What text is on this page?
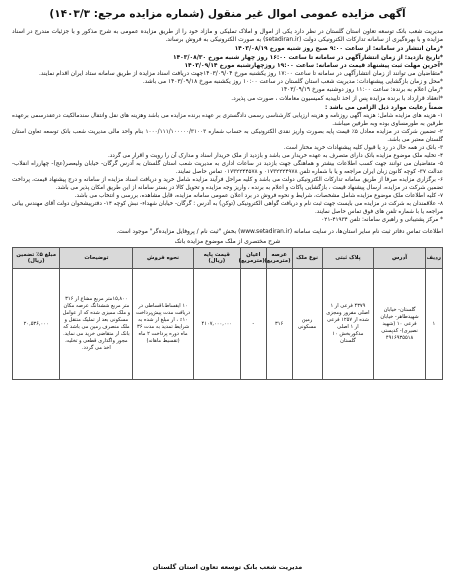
آگهی مزایده عمومی اموال غیر منقول (شماره مزایده مرجع: ۱۴۰۳/۳)

مدیریت شعب بانک توسعه تعاون استان گلستان در نظر دارد یکی از اموال و املاک تملیکی و مازاد خود را از طریق مزایده عمومی به شرح مذکور و با جزئیات مندرج در اسناد مزایده و با بهره‌گیری از سامانه تدارکات الکترونیکی دولت (setadiran.ir) به صورت الکترونیکی به فروش برساند.

*زمان انتشار در سامانه: از ساعت ۹:۰۰ صبح روز شنبه مورخ ۱۴۰۳/۰۸/۱۹

*تاریخ بازدید: از زمان انتشارآگهی در سامانه تا ساعت ۱۶:۰۰ روز چهار شنبه مورخ ۱۴۰۳/۰۸/۳۰

*آخرین مهلت ثبت پیشنهاد قیمت در سامانه: ساعت ۱۹:۰۰ روزچهارشنبه مورخ ۱۴۰۳/۰۹/۱۴

*متقاضیان می توانند از زمان انتشارآگهی در سامانه تا ساعت ۱۷:۰۰ روز یکشنبه مورخ ۱۴۰۳/۰۹/۰۴جهت دریافت اسناد مزایده از طریق سامانه ستاد ایران اقدام نمایند.

*محل و زمان بازگشایی پیشنهادات: مدیریت شعب استان گلستان در ساعت ۱۰:۰۰ روز یکشنبه مورخ ۱۴۰۳/۰۹/۱۸ می باشد.

*زمان اعلام به برنده: ساعت ۱۱:۰۰ روز دوشنبه مورخ ۱۴۰۳/۰۹/۱۹

*انعقاد قرارداد با برنده مزایده پس از اخذ تاییدیه کمیسیون معاملات ، صورت می پذیرد.

ضمناً رعایت موارد ذیل الزامی می باشد :

۱- هزینه های مزایده شامل: هزینه آگهی روزنامه و هزینه ارزیابی کارشناسی رسمی دادگستری بر عهده برنده مزایده می باشد وهزینه های نقل وانتقال سندمالکیت درعقدرسمی برعهده طرفین به طورمساوی بوده وبه طرفین میباشد.

۲- تضمین شرکت در مزایده معادل ۵٪ قیمت پایه بصورت واریز نقدی الکترونیکی به حساب شماره ۱۰۰۰/۱۱۱/۱۰۰۰۰۰/۳۱۰۰۳ بنام واحد مالی مدیریت شعب بانک توسعه تعاون استان گلستان معتبر می باشد.

۳- بانک در همه حال در رد یا قبول کلیه پیشنهادات خرید مختار است.

۴- تخلیه ملک موضوع مزایده بانک دارای متصرف به عهده خریدار می باشد و بازدید از ملک خریدار اسناد و مدارک آن را رویت و اقرار می گردد.

۵- متقاضیان می توانند جهت کسب اطلاعات بیشتر و هماهنگی جهت بازدید در ساعات اداری به مدیریت شعب استان گلستان به آدرس گرگان- خیابان ولیعصر(عج)- چهارراه انقلاب- عدالت ۳۷- کوچه کانون زبان ایران مراجعه و یا با شماره تلفن ۰۱۷۳۲۲۲۴۹۷۸ و ۰۱۷۳۲۲۴۴۵۷۸ تماس حاصل نمایند.

۶- برگزاری مزایده صرفا از طریق سامانه تدارکات الکترونیکی دولت می باشد و کلیه مراحل فرآیند مزایده شامل خرید و دریافت اسناد مزایده از سامانه و درج پیشنهاد قیمت، پرداخت تضمین شرکت در مزایده، ارسال پیشنهاد قیمت ، بازگشایی پاکات و اعلام به برنده ، واریز وجه مزایده و تحویل کالا در بستر سامانه از این طریق امکان پذیر می باشد.

۷- کلیه اطلاعات ملک موضوع مزایده شامل مشخصات، شرایط و نحوه فروش در برد اعلان عمومی سامانه مزایده، قابل مشاهده، بررسی و انتخاب می باشد.

۸- علاقمندان به شرکت در مزایده می بایست جهت ثبت نام و دریافت گواهی الکترونیکی (توکن) به آدرس : گرگان- خیابان شهداء- نبش کوچه ۱۴- دفترپیشخوان دولت آقای مهندس بیاتی مراجعه یا با شماره تلفن های فوق تماس حاصل نمایند.

* مرکز پشتیبانی و راهبری سامانه: تلفن ۴۱۹۳۴-۰۲۱

اطلاعات تماس دفاتر ثبت نام سایر استان‌ها، در سایت سامانه (www.setadiran.ir) بخش "ثبت نام / پروفایل مزایده‌گر" موجود است.

شرح مختصری از ملک موضوع مزایده بانک
ردیف	آدرس	پلاک ثبتی	نوع ملک	عرصه (مترمربع)	اعیان (مترمربع)	قیمت پایه (ریال)	نحوه فروش	توضیحات	مبلغ ۵٪ تضمین (ریال)
۱	گلستان- خیابان شهیدطاهر- خیابان فرعی ۱۰ (شهید نصیری)- کدپستی ۴۹۱۶۹۳۵۵۱۸	۴۳۷۹ فرعی از ۱ اصلی مفروز ومجزی شده از ۱۲۵۷ فرعی از ۱ اصلی مذکوربخش ۱۰ گلستان	زمین مسکونی	۳۱۶	-	۴۱۰۷,۰۰۰,۰۰۰	۱۰ ایقساط،اقساطی در دریافت مدت پیش‌پرداخت ۱۰٪ ، از مبلغ از شده به شرایط تمدید به مدت ۳۶ ماه دوره پرداخت ۲ ماه (تقسیط ماهانه)	۱۵,۸۰۰متر مربع مشاع از ۳۱۶ متر مربع ششدانگ عرصه مکان و ملک ممیزی شده که از عوامل مسکونی بعد از تملیک منتقل و ملک منصرف زمین می باشد که بانک از متقاضی خرید می نماید. مجوز واگذاری قطعی و تخلیه، اخذ می گردد.	۲۰,۵۳۶,۰۰۰
مدیریت شعب بانک توسعه تعاون استان گلستان
